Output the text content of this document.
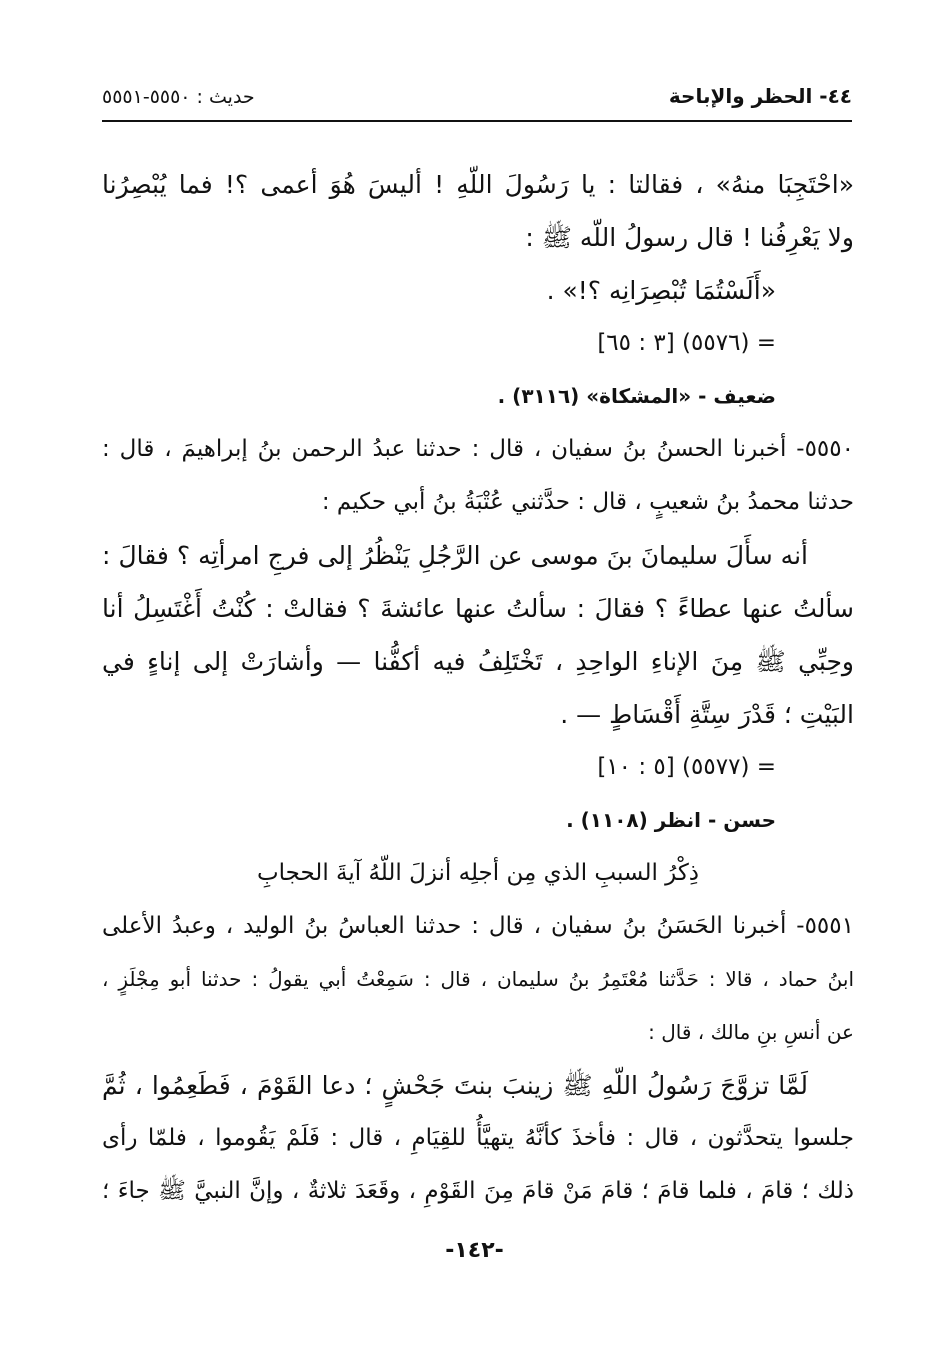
٤٤- الحظر والإباحة
حديث : ٥٥٥٠-٥٥٥١
«احْتَجِبَا منهُ» ، فقالتا : يا رَسُولَ اللّهِ ! أليسَ هُوَ أعمى ؟! فما يُبْصِرُنا
ولا يَعْرِفُنا ! قال رسولُ اللّه ﷺ :
«أَلَسْتُمَا تُبْصِرَانِه ؟!» .
= (٥٥٧٦) [٣ : ٦٥]
ضعيف - «المشكاة» (٣١١٦) .
٥٥٥٠- أخبرنا الحسنُ بنُ سفيان ، قال : حدثنا عبدُ الرحمن بنُ إبراهيمَ ، قال :
حدثنا محمدُ بنُ شعيبٍ ، قال : حدَّثني عُتْبَةُ بنُ أبي حكيم :
أنه سأَلَ سليمانَ بنَ موسى عن الرَّجُلِ يَنْظُرُ إلى فرجِ امرأتِه ؟ فقالَ :
سألتُ عنها عطاءً ؟ فقالَ : سألتُ عنها عائشةَ ؟ فقالتْ : كُنْتُ أَغْتَسِلُ أنا
وحِبِّي ﷺ مِنَ الإناءِ الواحِدِ ، تَخْتَلِفُ فيه أكفُّنا — وأشارَتْ إلى إناءٍ في
البَيْتِ ؛ قَدْرَ سِتَّةِ أَقْسَاطٍ — .
= (٥٥٧٧) [٥ : ١٠]
حسن - انظر (١١٠٨) .
ذِكْرُ السببِ الذي مِن أجلِه أنزلَ اللّهُ آيةَ الحجابِ
٥٥٥١- أخبرنا الحَسَنُ بنُ سفيان ، قال : حدثنا العباسُ بنُ الوليد ، وعبدُ الأعلى
ابنُ حماد ، قالا : حَدَّثنا مُعْتَمِرُ بنُ سليمان ، قال : سَمِعْتُ أبي يقولُ : حدثنا أبو مِجْلَزٍ ،
عن أنسِ بنِ مالك ، قال :
لَمَّا تزوَّجَ رَسُولُ اللّهِ ﷺ زينبَ بنتَ جَحْشٍ ؛ دعا القَوْمَ ، فَطَعِمُوا ، ثُمَّ
جلسوا يتحدَّثون ، قال : فأخذَ كأنَّهُ يتهيَّأُ للقِيَامِ ، قال : فَلَمْ يَقُوموا ، فلمّا رأى
ذلك ؛ قامَ ، فلما قامَ ؛ قامَ مَنْ قامَ مِنَ القَوْمِ ، وقَعَدَ ثلاثةٌ ، وإنَّ النبيَّ ﷺ جاءَ ؛
-١٤٢-
